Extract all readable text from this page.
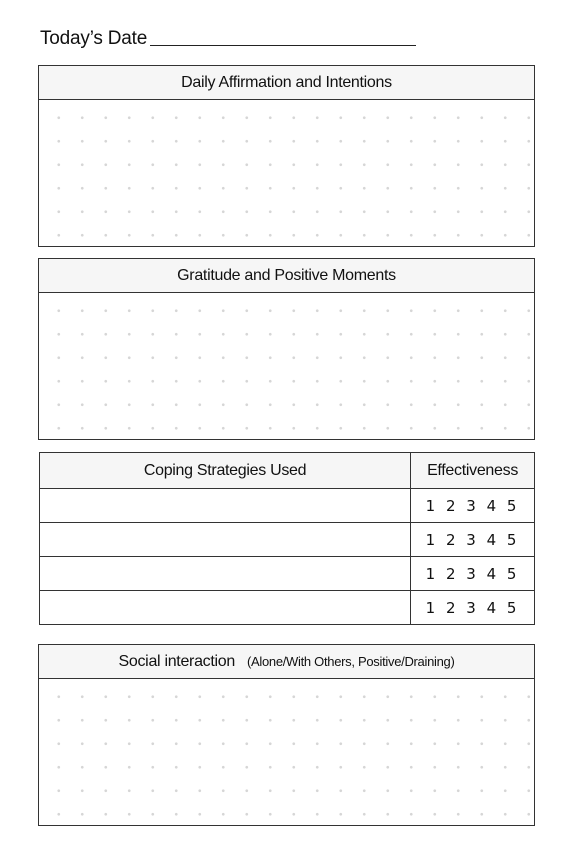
Today’s Date
Daily Affirmation and Intentions
Gratitude and Positive Moments
Coping Strategies Used	Effectiveness
	1 2 3 4 5
	1 2 3 4 5
	1 2 3 4 5
	1 2 3 4 5
Social interaction (Alone/With Others, Positive/Draining)
